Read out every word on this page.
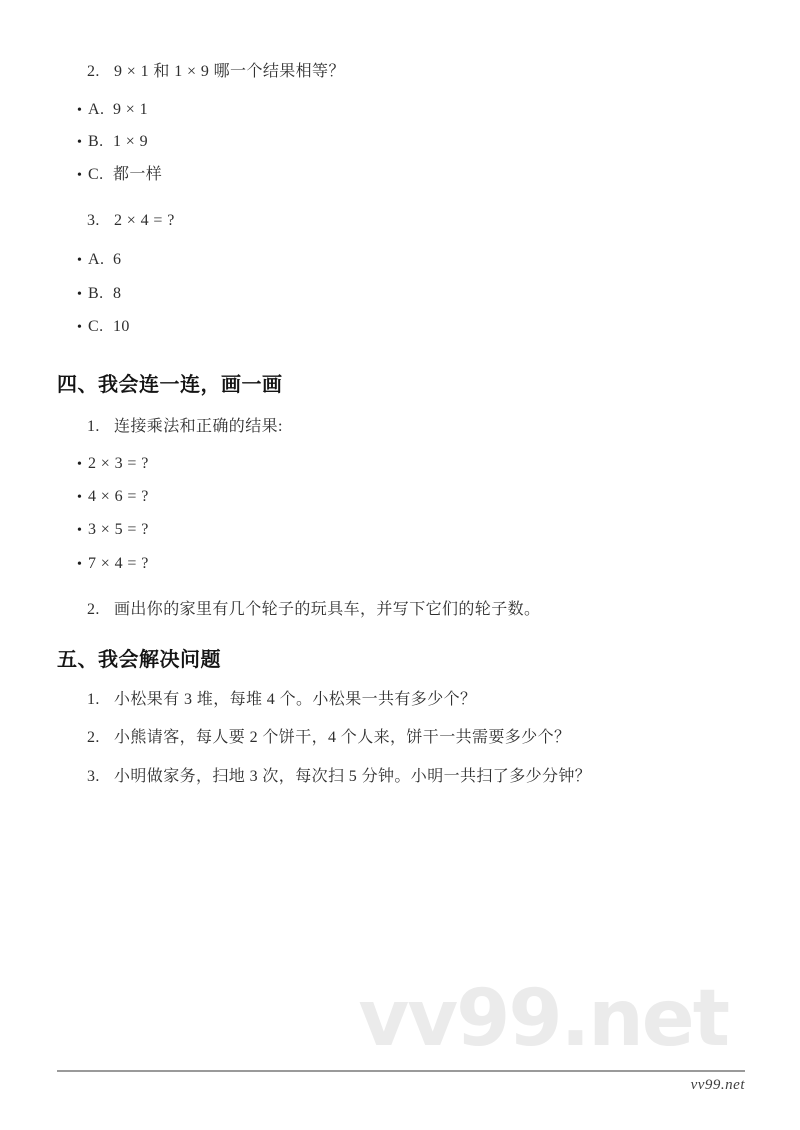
2. 9 × 1 和 1 × 9 哪一个结果相等？
• A. 9 × 1
• B. 1 × 9
• C. 都一样
3. 2 × 4 = ?
• A. 6
• B. 8
• C. 10
四、我会连一连，画一画
1. 连接乘法和正确的结果:
• 2 × 3 = ?
• 4 × 6 = ?
• 3 × 5 = ?
• 7 × 4 = ?
2. 画出你的家里有几个轮子的玩具车，并写下它们的轮子数。
五、我会解决问题
1. 小松果有 3 堆，每堆 4 个。小松果一共有多少个？
2. 小熊请客，每人要 2 个饼干，4 个人来，饼干一共需要多少个？
3. 小明做家务，扫地 3 次，每次扫 5 分钟。小明一共扫了多少分钟？
vv99.net
vv99.net
